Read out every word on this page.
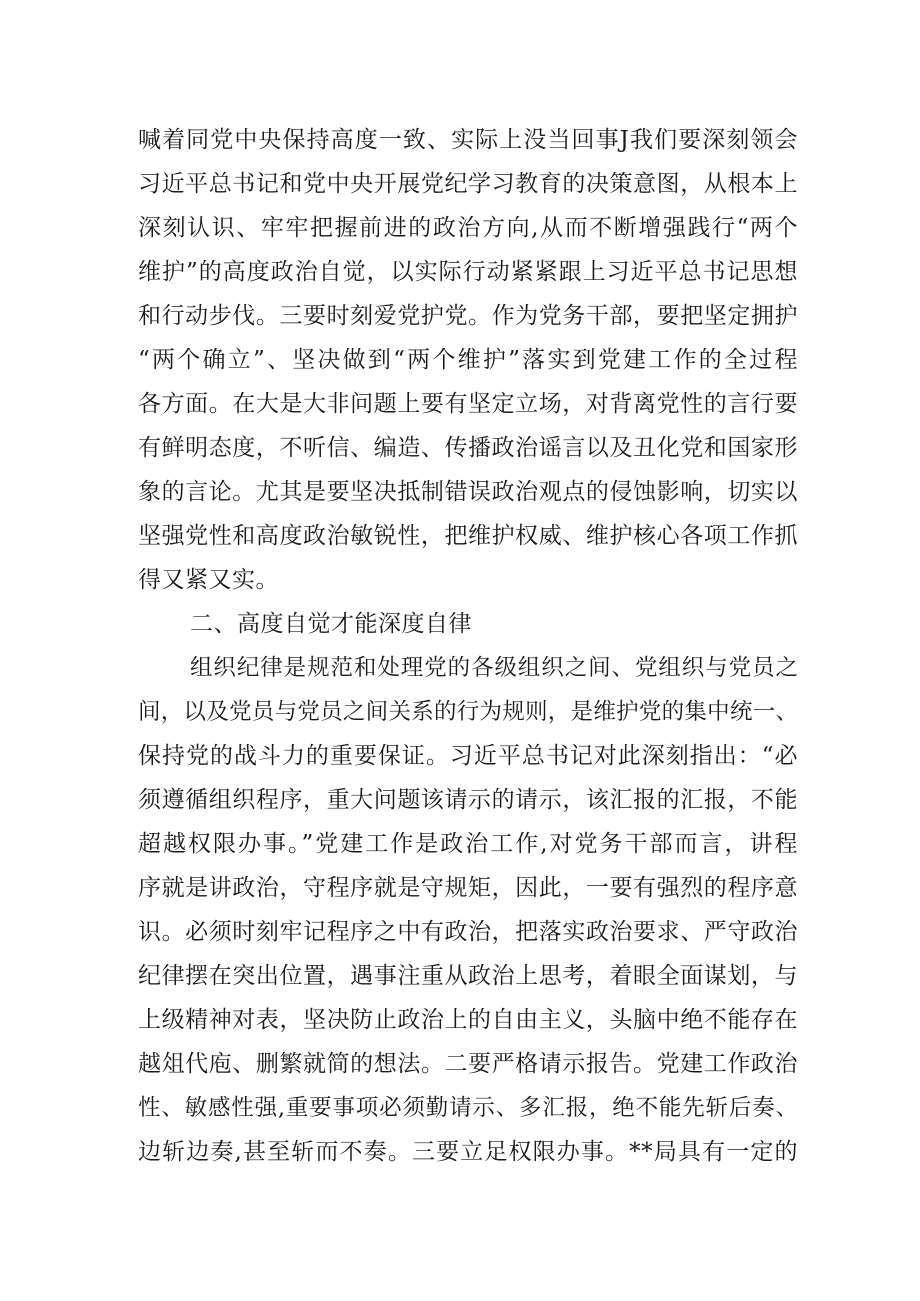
喊着同党中央保持高度一致、实际上没当回事J我们要深刻领会
习近平总书记和党中央开展党纪学习教育的决策意图，从根本上
深刻认识、牢牢把握前进的政治方向,从而不断增强践行“两个
维护”的高度政治自觉，以实际行动紧紧跟上习近平总书记思想
和行动步伐。三要时刻爱党护党。作为党务干部，要把坚定拥护
“两个确立”、坚决做到“两个维护”落实到党建工作的全过程
各方面。在大是大非问题上要有坚定立场，对背离党性的言行要
有鲜明态度，不听信、编造、传播政治谣言以及丑化党和国家形
象的言论。尤其是要坚决抵制错误政治观点的侵蚀影响，切实以
坚强党性和高度政治敏锐性，把维护权威、维护核心各项工作抓
得又紧又实。
二、高度自觉才能深度自律
组织纪律是规范和处理党的各级组织之间、党组织与党员之
间，以及党员与党员之间关系的行为规则，是维护党的集中统一、
保持党的战斗力的重要保证。习近平总书记对此深刻指出：“必
须遵循组织程序，重大问题该请示的请示，该汇报的汇报，不能
超越权限办事。”党建工作是政治工作,对党务干部而言，讲程
序就是讲政治，守程序就是守规矩，因此，一要有强烈的程序意
识。必须时刻牢记程序之中有政治，把落实政治要求、严守政治
纪律摆在突出位置，遇事注重从政治上思考，着眼全面谋划，与
上级精神对表，坚决防止政治上的自由主义，头脑中绝不能存在
越俎代庖、删繁就简的想法。二要严格请示报告。党建工作政治
性、敏感性强,重要事项必须勤请示、多汇报，绝不能先斩后奏、
边斩边奏,甚至斩而不奏。三要立足权限办事。**局具有一定的
